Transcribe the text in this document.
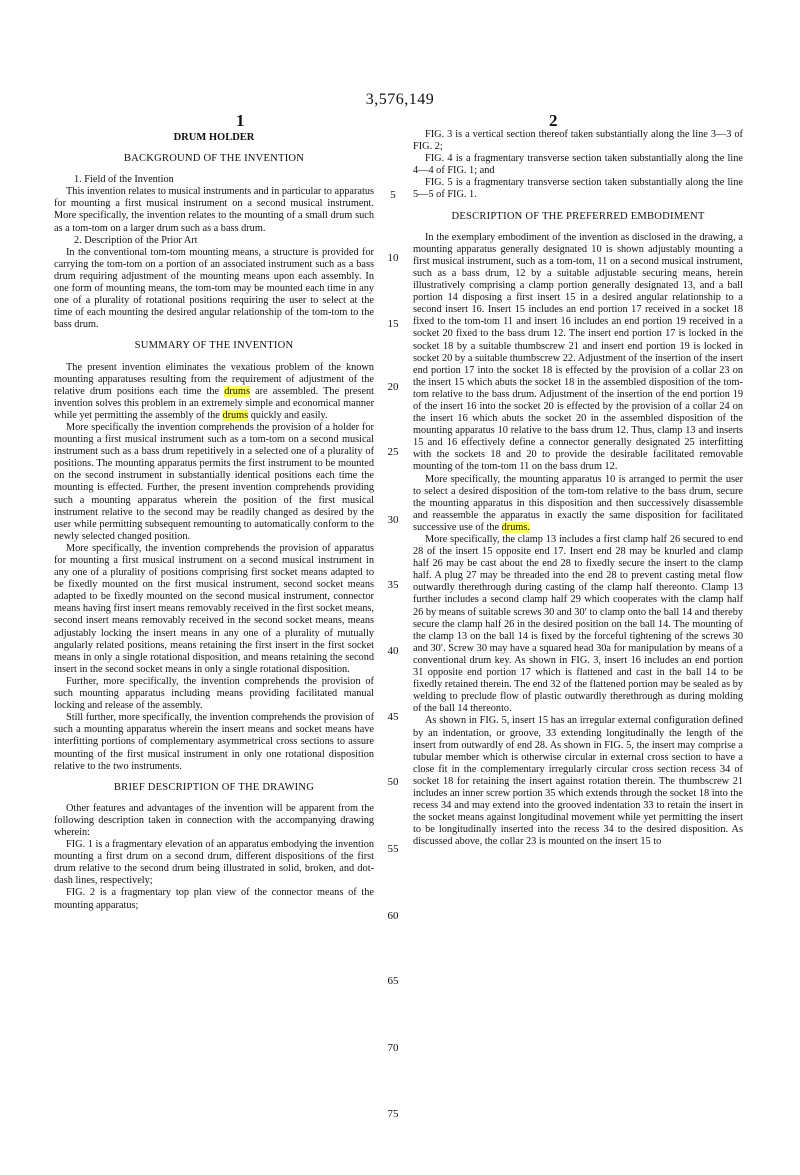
3,576,149
1	2

DRUM HOLDER

BACKGROUND OF THE INVENTION

1. Field of the Invention

This invention relates to musical instruments and in particular to apparatus for mounting a first musical instrument on a second musical instrument. More specifically, the invention relates to the mounting of a small drum such as a tom-tom on a larger drum such as a bass drum.

2. Description of the Prior Art

In the conventional tom-tom mounting means, a structure is provided for carrying the tom-tom on a portion of an associated instrument such as a bass drum requiring adjustment of the mounting means upon each assembly. In one form of mounting means, the tom-tom may be mounted each time in any one of a plurality of rotational positions requiring the user to select at the time of each mounting the desired angular relationship of the tom-tom to the bass drum.

SUMMARY OF THE INVENTION

The present invention eliminates the vexatious problem of the known mounting apparatuses resulting from the requirement of adjustment of the relative drum positions each time the drums are assembled. The present invention solves this problem in an extremely simple and economical manner while yet permitting the assembly of the drums quickly and easily.

More specifically the invention comprehends the provision of a holder for mounting a first musical instrument such as a tom-tom on a second musical instrument such as a bass drum repetitively in a selected one of a plurality of positions. The mounting apparatus permits the first instrument to be mounted on the second instrument in substantially identical positions each time the mounting is effected. Further, the present invention comprehends providing such a mounting apparatus wherein the position of the first musical instrument relative to the second may be readily changed as desired by the user while permitting subsequent remounting to automatically conform to the newly selected changed position.

More specifically, the invention comprehends the provision of apparatus for mounting a first musical instrument on a second musical instrument in any one of a plurality of positions comprising first socket means adapted to be fixedly mounted on the first musical instrument, second socket means adapted to be fixedly mounted on the second musical instrument, connector means having first insert means removably received in the first socket means, second insert means removably received in the second socket means, means adjustably locking the insert means in any one of a plurality of mutually angularly related positions, means retaining the first insert in the first socket means in only a single rotational disposition, and means retaining the second insert in the second socket means in only a single rotational disposition.

Further, more specifically, the invention comprehends the provision of such mounting apparatus including means providing facilitated manual locking and release of the assembly.

Still further, more specifically, the invention comprehends the provision of such a mounting apparatus wherein the insert means and socket means have interfitting portions of complementary asymmetrical cross sections to assure mounting of the first musical instrument in only one rotational disposition relative to the two instruments.

BRIEF DESCRIPTION OF THE DRAWING

Other features and advantages of the invention will be apparent from the following description taken in connection with the accompanying drawing wherein:

FIG. 1 is a fragmentary elevation of an apparatus embodying the invention mounting a first drum on a second drum, different dispositions of the first drum relative to the second drum being illustrated in solid, broken, and dot-dash lines, respectively;

FIG. 2 is a fragmentary top plan view of the connector means of the mounting apparatus;

5
10
15
20
25
30
35
40
45
50
55
60
65
70
75

FIG. 3 is a vertical section thereof taken substantially along the line 3—3 of FIG. 2;

FIG. 4 is a fragmentary transverse section taken substantially along the line 4—4 of FIG. 1; and

FIG. 5 is a fragmentary transverse section taken substantially along the line 5—5 of FIG. 1.

DESCRIPTION OF THE PREFERRED EMBODIMENT

In the exemplary embodiment of the invention as disclosed in the drawing, a mounting apparatus generally designated 10 is shown adjustably mounting a first musical instrument, such as a tom-tom, 11 on a second musical instrument, such as a bass drum, 12 by a suitable adjustable securing means, herein illustratively comprising a clamp portion generally designated 13, and a ball portion 14 disposing a first insert 15 in a desired angular relationship to a second insert 16. Insert 15 includes an end portion 17 received in a socket 18 fixed to the tom-tom 11 and insert 16 includes an end portion 19 received in a socket 20 fixed to the bass drum 12. The insert end portion 17 is locked in the socket 18 by a suitable thumbscrew 21 and insert end portion 19 is locked in socket 20 by a suitable thumbscrew 22. Adjustment of the insertion of the insert end portion 17 into the socket 18 is effected by the provision of a collar 23 on the insert 15 which abuts the socket 18 in the assembled disposition of the tom-tom relative to the bass drum. Adjustment of the insertion of the end portion 19 of the insert 16 into the socket 20 is effected by the provision of a collar 24 on the insert 16 which abuts the socket 20 in the assembled disposition of the mounting apparatus 10 relative to the bass drum 12. Thus, clamp 13 and inserts 15 and 16 effectively define a connector generally designated 25 interfitting with the sockets 18 and 20 to provide the desirable facilitated removable mounting of the tom-tom 11 on the bass drum 12.

More specifically, the mounting apparatus 10 is arranged to permit the user to select a desired disposition of the tom-tom relative to the bass drum, secure the mounting apparatus in this disposition and then successively disassemble and reassemble the apparatus in exactly the same disposition for facilitated successive use of the drums.

More specifically, the clamp 13 includes a first clamp half 26 secured to end 28 of the insert 15 opposite end 17. Insert end 28 may be knurled and clamp half 26 may be cast about the end 28 to fixedly secure the insert to the clamp half. A plug 27 may be threaded into the end 28 to prevent casting metal flow outwardly therethrough during casting of the clamp half thereonto. Clamp 13 further includes a second clamp half 29 which cooperates with the clamp half 26 by means of suitable screws 30 and 30′ to clamp onto the ball 14 and thereby secure the clamp half 26 in the desired position on the ball 14. The mounting of the clamp 13 on the ball 14 is fixed by the forceful tightening of the screws 30 and 30′. Screw 30 may have a squared head 30a for manipulation by means of a conventional drum key. As shown in FIG. 3, insert 16 includes an end portion 31 opposite end portion 17 which is flattened and cast in the ball 14 to be fixedly retained therein. The end 32 of the flattened portion may be sealed as by welding to preclude flow of plastic outwardly therethrough as during molding of the ball 14 thereonto.

As shown in FIG. 5, insert 15 has an irregular external configuration defined by an indentation, or groove, 33 extending longitudinally the length of the insert from outwardly of end 28. As shown in FIG. 5, the insert may comprise a tubular member which is otherwise circular in external cross section to have a close fit in the complementary irregularly circular cross section recess 34 of socket 18 for retaining the insert against rotation therein. The thumbscrew 21 includes an inner screw portion 35 which extends through the socket 18 into the recess 34 and may extend into the grooved indentation 33 to retain the insert in the socket means against longitudinal movement while yet permitting the insert to be longitudinally inserted into the recess 34 to the desired disposition. As discussed above, the collar 23 is mounted on the insert 15 to
